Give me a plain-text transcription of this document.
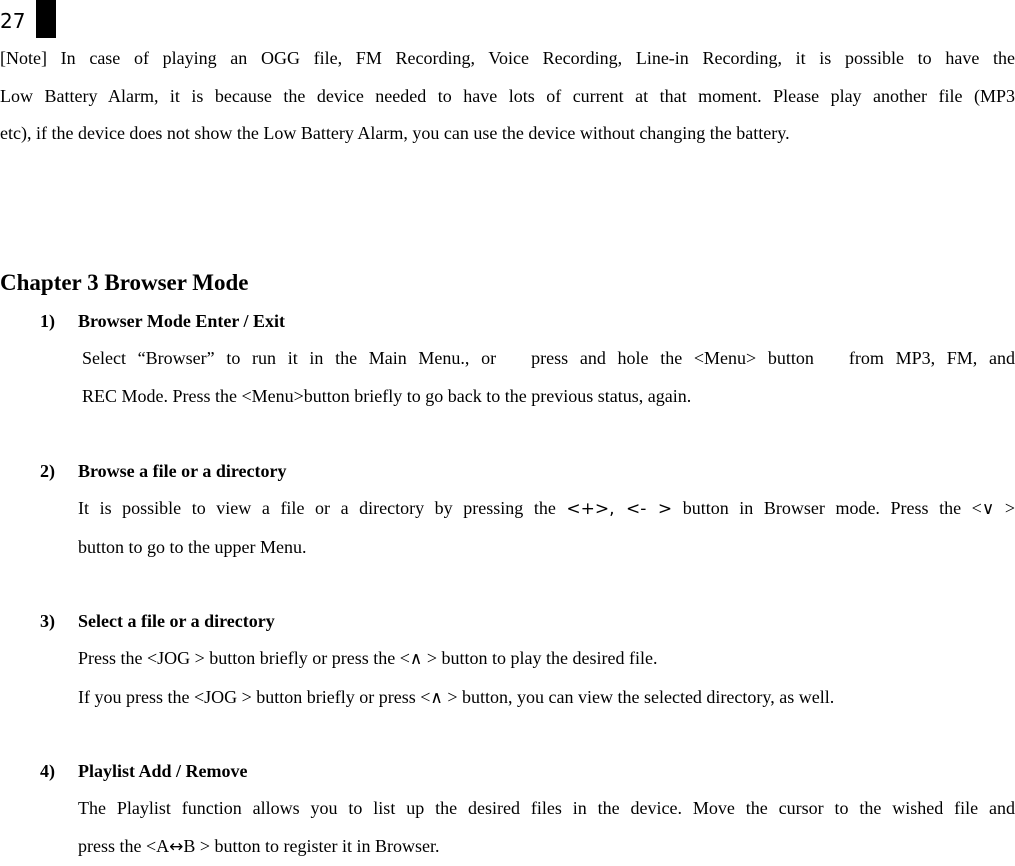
27

[Note] In case of playing an OGG file, FM Recording, Voice Recording, Line-in Recording, it is possible to have the
Low Battery Alarm, it is because the device needed to have lots of current at that moment. Please play another file (MP3
etc), if the device does not show the Low Battery Alarm, you can use the device without changing the battery.

Chapter 3 Browser Mode
1) Browser Mode Enter / Exit
Select “Browser” to run it in the Main Menu., or   press and hole the <Menu> button   from MP3, FM, and
REC Mode. Press the <Menu>button briefly to go back to the previous status, again.
2) Browse a file or a directory
It is possible to view a file or a directory by pressing the <+>, <- > button in Browser mode. Press the <∨ >
button to go to the upper Menu.
3) Select a file or a directory
Press the <JOG > button briefly or press the <∧ > button to play the desired file.
If you press the <JOG > button briefly or press <∧ > button, you can view the selected directory, as well.
4) Playlist Add / Remove
The Playlist function allows you to list up the desired files in the device. Move the cursor to the wished file and
press the <A↔B > button to register it in Browser.
